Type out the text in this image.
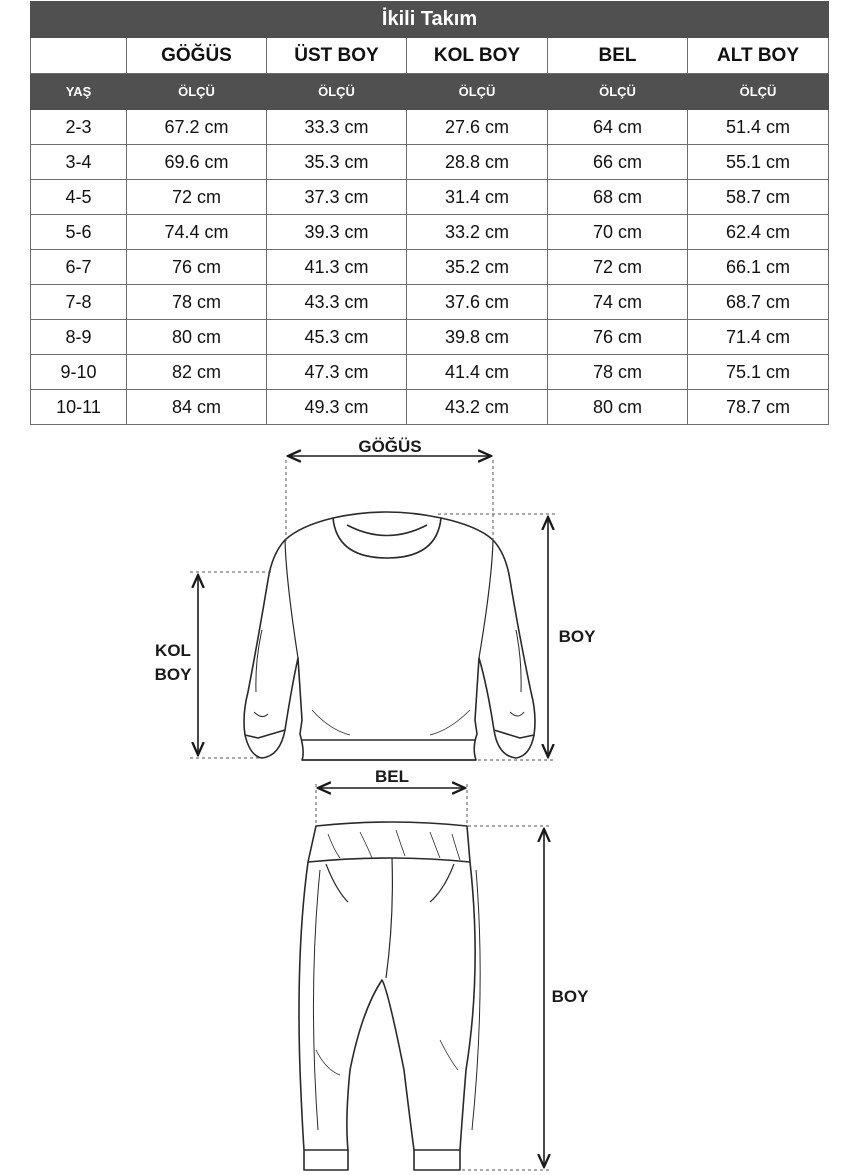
İkili Takım					
	GÖĞÜS	ÜST BOY	KOL BOY	BEL	ALT BOY
YAŞ	ÖLÇÜ	ÖLÇÜ	ÖLÇÜ	ÖLÇÜ	ÖLÇÜ
2-3	67.2 cm	33.3 cm	27.6 cm	64 cm	51.4 cm
3-4	69.6 cm	35.3 cm	28.8 cm	66 cm	55.1 cm
4-5	72 cm	37.3 cm	31.4 cm	68 cm	58.7 cm
5-6	74.4 cm	39.3 cm	33.2 cm	70 cm	62.4 cm
6-7	76 cm	41.3 cm	35.2 cm	72 cm	66.1 cm
7-8	78 cm	43.3 cm	37.6 cm	74 cm	68.7 cm
8-9	80 cm	45.3 cm	39.8 cm	76 cm	71.4 cm
9-10	82 cm	47.3 cm	41.4 cm	78 cm	75.1 cm
10-11	84 cm	49.3 cm	43.2 cm	80 cm	78.7 cm
GÖĞÜS
KOL
BOY
BOY
BEL
BOY
